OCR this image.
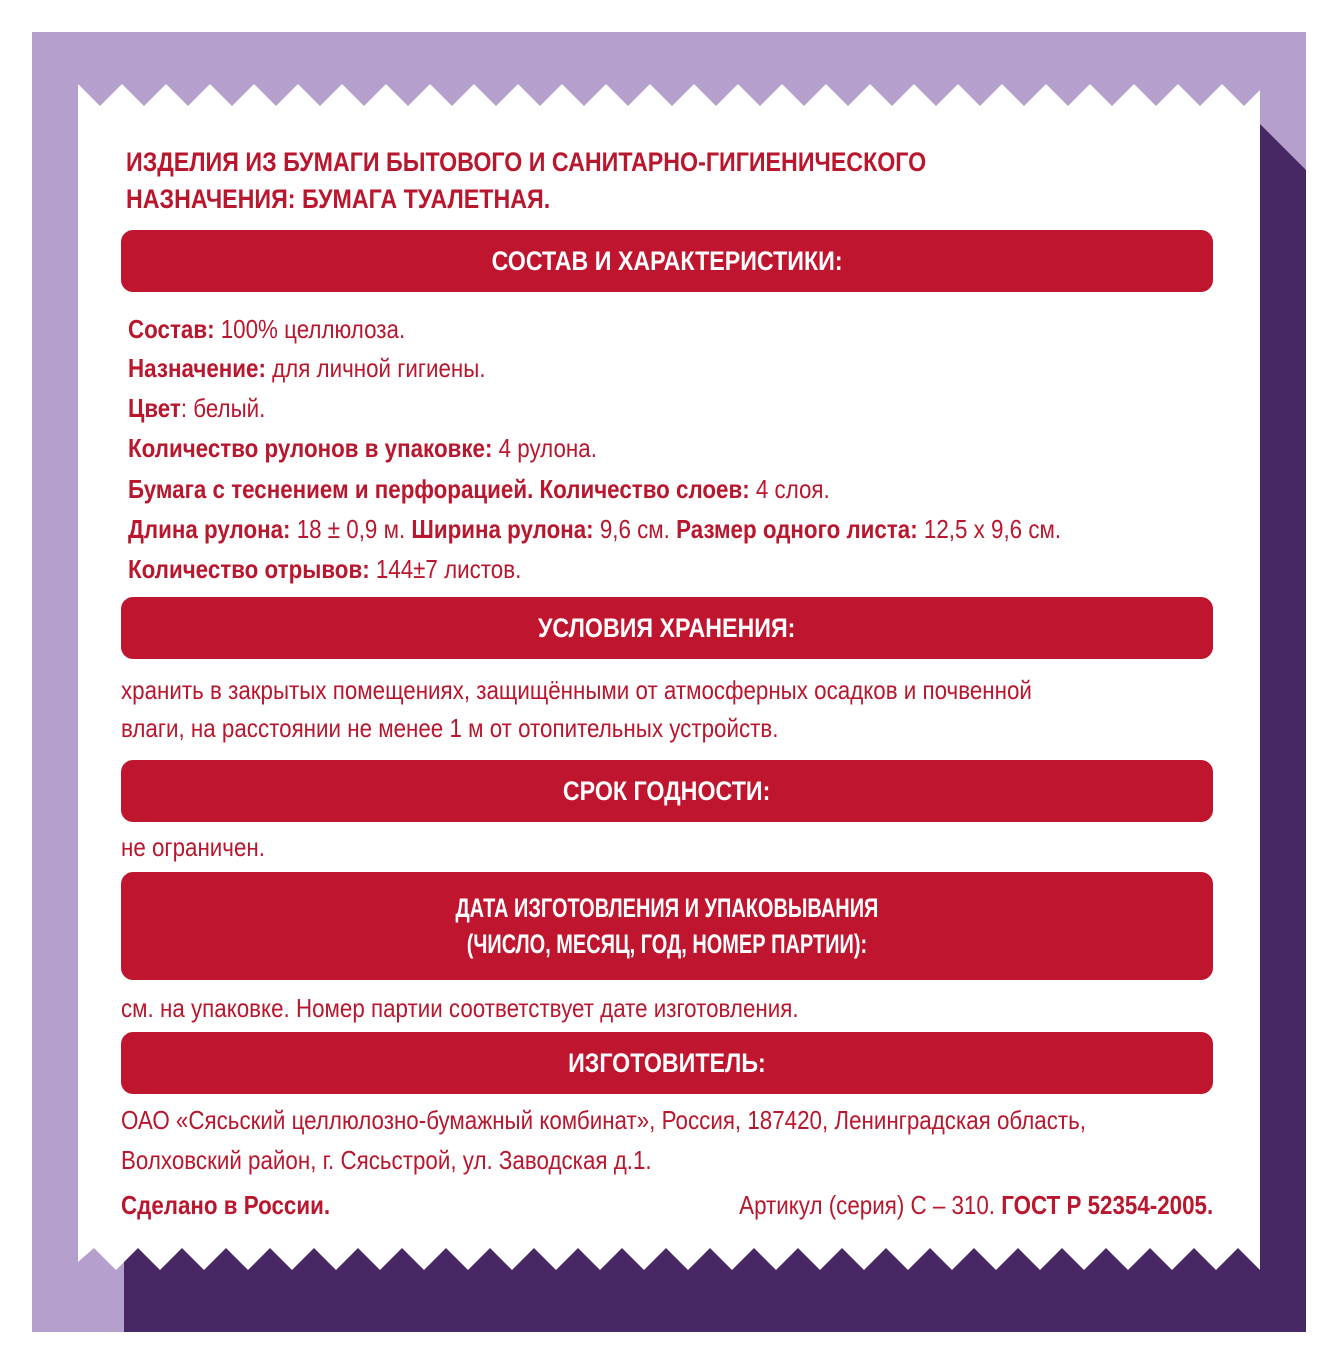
ИЗДЕЛИЯ ИЗ БУМАГИ БЫТОВОГО И САНИТАРНО-ГИГИЕНИЧЕСКОГО
НАЗНАЧЕНИЯ: БУМАГА ТУАЛЕТНАЯ.
СОСТАВ И ХАРАКТЕРИСТИКИ:
Состав: 100% целлюлоза.
Назначение: для личной гигиены.
Цвет: белый.
Количество рулонов в упаковке: 4 рулона.
Бумага с теснением и перфорацией. Количество слоев: 4 слоя.
Длина рулона: 18 ± 0,9 м. Ширина рулона: 9,6 см. Размер одного листа: 12,5 х 9,6 см.
Количество отрывов: 144±7 листов.
УСЛОВИЯ ХРАНЕНИЯ:
хранить в закрытых помещениях, защищёнными от атмосферных осадков и почвенной
влаги, на расстоянии не менее 1 м от отопительных устройств.
СРОК ГОДНОСТИ:
не ограничен.
ДАТА ИЗГОТОВЛЕНИЯ И УПАКОВЫВАНИЯ
(ЧИСЛО, МЕСЯЦ, ГОД, НОМЕР ПАРТИИ):
см. на упаковке. Номер партии соответствует дате изготовления.
ИЗГОТОВИТЕЛЬ:
ОАО «Сясьский целлюлозно-бумажный комбинат», Россия, 187420, Ленинградская область,
Волховский район, г. Сясьстрой, ул. Заводская д.1.
Сделано в России.	Артикул (серия) С – 310. ГОСТ Р 52354-2005.
